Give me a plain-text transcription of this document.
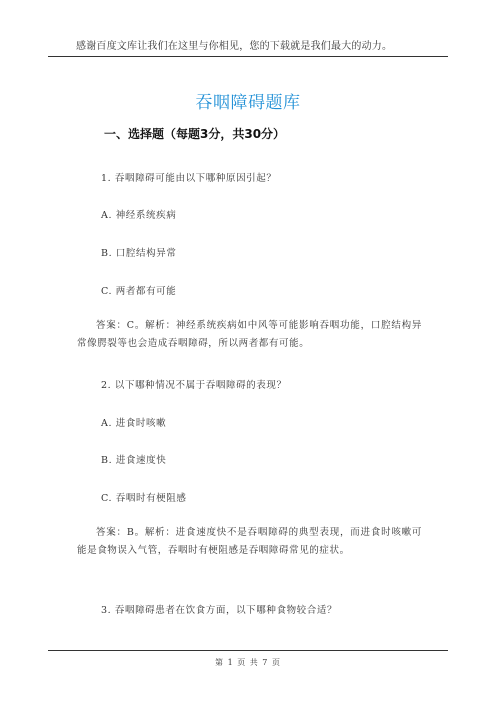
感谢百度文库让我们在这里与你相见，您的下载就是我们最大的动力。
吞咽障碍题库
一、选择题（每题3分，共30分）
1. 吞咽障碍可能由以下哪种原因引起？
A. 神经系统疾病
B. 口腔结构异常
C. 两者都有可能
答案：C。解析：神经系统疾病如中风等可能影响吞咽功能，口腔结构异常像腭裂等也会造成吞咽障碍，所以两者都有可能。
2. 以下哪种情况不属于吞咽障碍的表现？
A. 进食时咳嗽
B. 进食速度快
C. 吞咽时有梗阻感
答案：B。解析：进食速度快不是吞咽障碍的典型表现，而进食时咳嗽可能是食物误入气管，吞咽时有梗阻感是吞咽障碍常见的症状。
3. 吞咽障碍患者在饮食方面，以下哪种食物较合适？
第 1 页 共 7 页
